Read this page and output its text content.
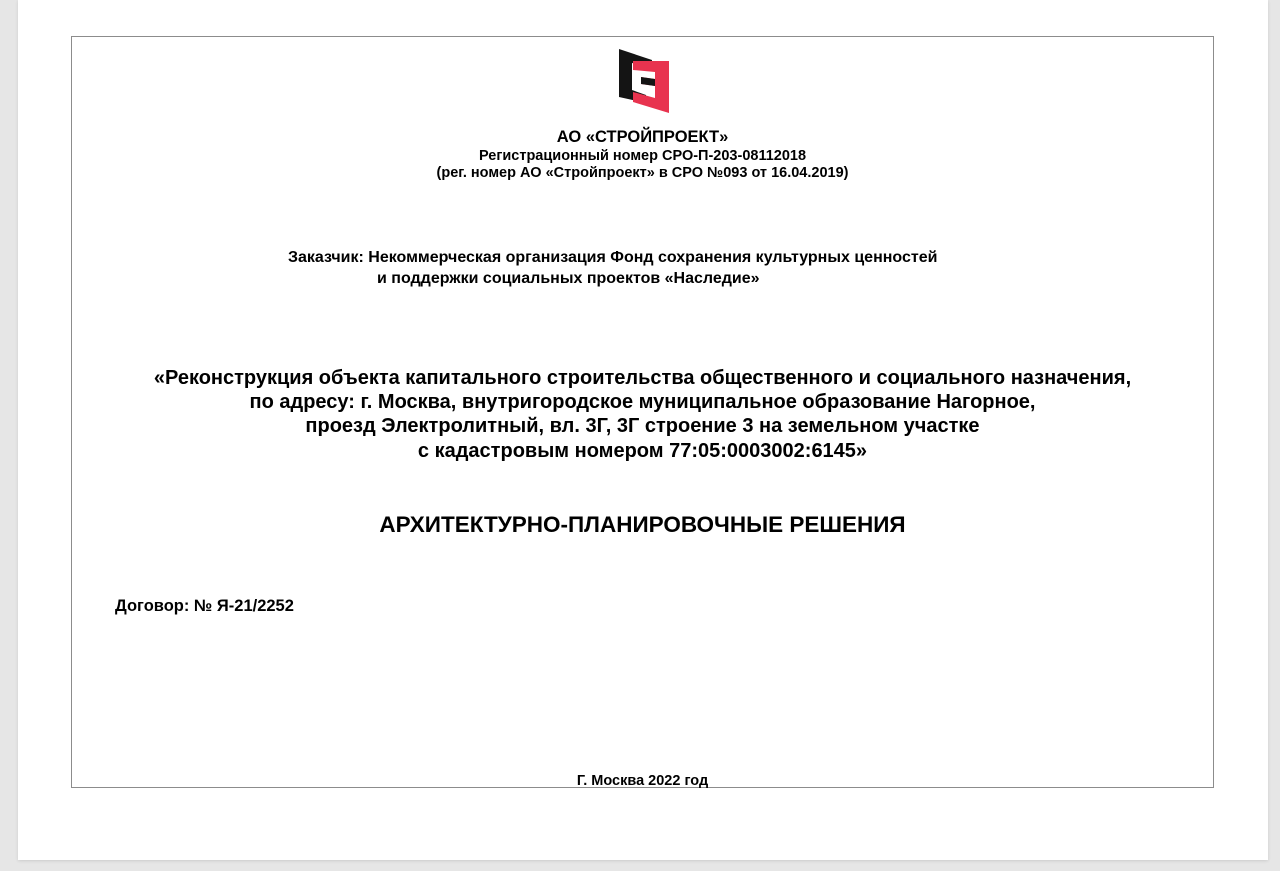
АО «СТРОЙПРОЕКТ»
Регистрационный номер СРО-П-203-08112018
(рег. номер АО «Стройпроект» в СРО №093 от 16.04.2019)
Заказчик: Некоммерческая организация Фонд сохранения культурных ценностей
и поддержки социальных проектов «Наследие»
«Реконструкция объекта капитального строительства общественного и социального назначения,
по адресу: г. Москва, внутригородское муниципальное образование Нагорное,
проезд Электролитный, вл. 3Г, 3Г строение 3 на земельном участке
с кадастровым номером 77:05:0003002:6145»
АРХИТЕКТУРНО-ПЛАНИРОВОЧНЫЕ РЕШЕНИЯ
Договор: № Я-21/2252
Г. Москва 2022 год
